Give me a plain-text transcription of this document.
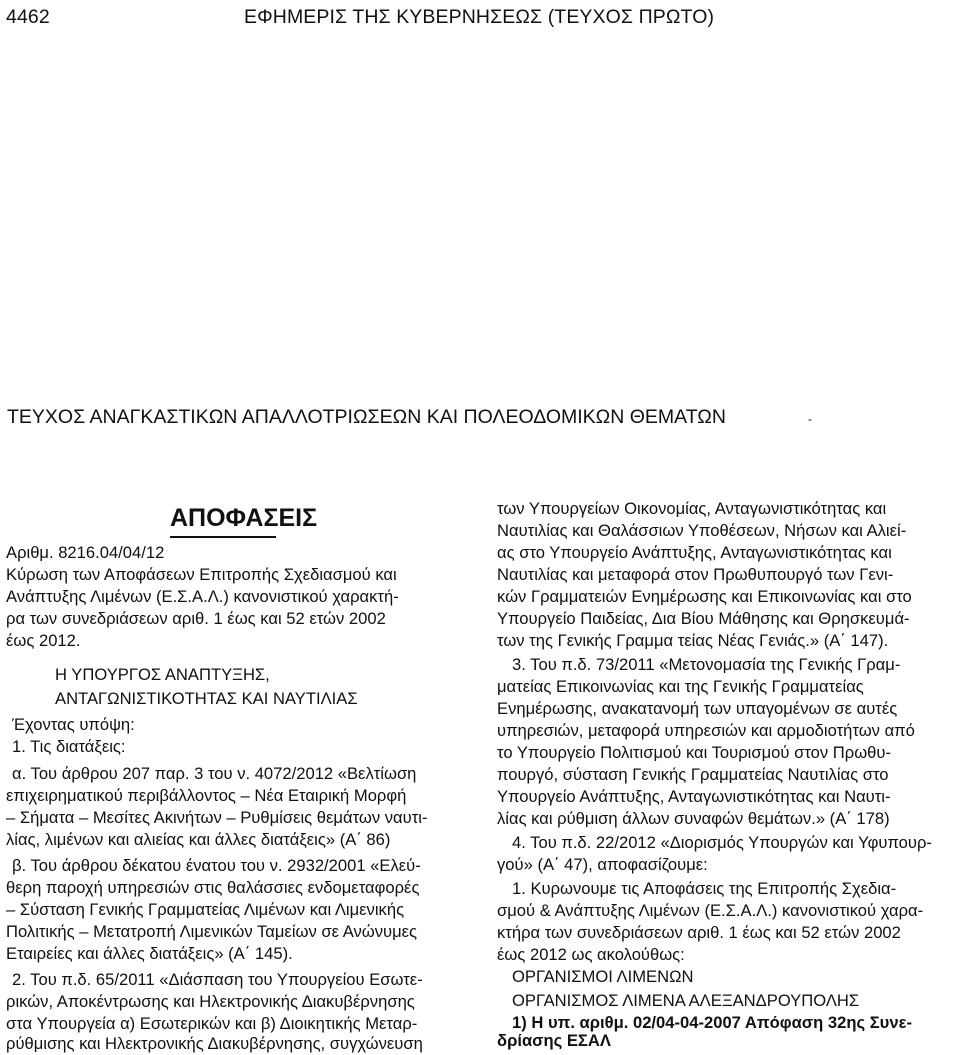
4462	ΕΦΗΜΕΡΙΣ ΤΗΣ ΚΥΒΕΡΝΗΣΕΩΣ (ΤΕΥΧΟΣ ΠΡΩΤΟ)
ΤΕΥΧΟΣ ΑΝΑΓΚΑΣΤΙΚΩΝ ΑΠΑΛΛΟΤΡΙΩΣΕΩΝ ΚΑΙ ΠΟΛΕΟΔΟΜΙΚΩΝ ΘΕΜΑΤΩΝ	-
ΑΠΟΦΑΣΕΙΣ
Αριθμ. 8216.04/04/12
Κύρωση των Αποφάσεων Επιτροπής Σχεδιασμού και
Ανάπτυξης Λιμένων (Ε.Σ.Α.Λ.) κανονιστικού χαρακτή-
ρα των συνεδριάσεων αριθ. 1 έως και 52 ετών 2002
έως 2012.
Η ΥΠΟΥΡΓΟΣ ΑΝΑΠΤΥΞΗΣ,
ΑΝΤΑΓΩΝΙΣΤΙΚΟΤΗΤΑΣ ΚΑΙ ΝΑΥΤΙΛΙΑΣ
Έχοντας υπόψη:
1. Τις διατάξεις:
α. Του άρθρου 207 παρ. 3 του ν. 4072/2012 «Βελτίωση
επιχειρηματικού περιβάλλοντος – Νέα Εταιρική Μορφή
– Σήματα – Μεσίτες Ακινήτων – Ρυθμίσεις θεμάτων ναυτι-
λίας, λιμένων και αλιείας και άλλες διατάξεις» (Α΄ 86)
β. Του άρθρου δέκατου ένατου του ν. 2932/2001 «Ελεύ-
θερη παροχή υπηρεσιών στις θαλάσσιες ενδομεταφορές
– Σύσταση Γενικής Γραμματείας Λιμένων και Λιμενικής
Πολιτικής – Μετατροπή Λιμενικών Ταμείων σε Ανώνυμες
Εταιρείες και άλλες διατάξεις» (Α΄ 145).
2. Του π.δ. 65/2011 «Διάσπαση του Υπουργείου Εσωτε-
ρικών, Αποκέντρωσης και Ηλεκτρονικής Διακυβέρνησης
στα Υπουργεία α) Εσωτερικών και β) Διοικητικής Μεταρ-
ρύθμισης και Ηλεκτρονικής Διακυβέρνησης, συγχώνευση
των Υπουργείων Οικονομίας, Ανταγωνιστικότητας και
Ναυτιλίας και Θαλάσσιων Υποθέσεων, Νήσων και Αλιεί-
ας στο Υπουργείο Ανάπτυξης, Ανταγωνιστικότητας και
Ναυτιλίας και μεταφορά στον Πρωθυπουργό των Γενι-
κών Γραμματειών Ενημέρωσης και Επικοινωνίας και στο
Υπουργείο Παιδείας, Δια Βίου Μάθησης και Θρησκευμά-
των της Γενικής Γραμμα τείας Νέας Γενιάς.» (Α΄ 147).
3. Του π.δ. 73/2011 «Μετονομασία της Γενικής Γραμ-
ματείας Επικοινωνίας και της Γενικής Γραμματείας
Ενημέρωσης, ανακατανομή των υπαγομένων σε αυτές
υπηρεσιών, μεταφορά υπηρεσιών και αρμοδιοτήτων από
το Υπουργείο Πολιτισμού και Τουρισμού στον Πρωθυ-
πουργό, σύσταση Γενικής Γραμματείας Ναυτιλίας στο
Υπουργείο Ανάπτυξης, Ανταγωνιστικότητας και Ναυτι-
λίας και ρύθμιση άλλων συναφών θεμάτων.» (Α΄ 178)
4. Του π.δ. 22/2012 «Διορισμός Υπουργών και Υφυπουρ-
γού» (Α΄ 47), αποφασίζουμε:
1. Κυρωνουμε τις Αποφάσεις της Επιτροπής Σχεδια-
σμού & Ανάπτυξης Λιμένων (Ε.Σ.Α.Λ.) κανονιστικού χαρα-
κτήρα των συνεδριάσεων αριθ. 1 έως και 52 ετών 2002
έως 2012 ως ακολούθως:
ΟΡΓΑΝΙΣΜΟΙ ΛΙΜΕΝΩΝ
ΟΡΓΑΝΙΣΜΟΣ ΛΙΜΕΝΑ ΑΛΕΞΑΝΔΡΟΥΠΟΛΗΣ
1) Η υπ. αριθμ. 02/04-04-2007 Απόφαση 32ης Συνε-
δρίασης ΕΣΑΛ
